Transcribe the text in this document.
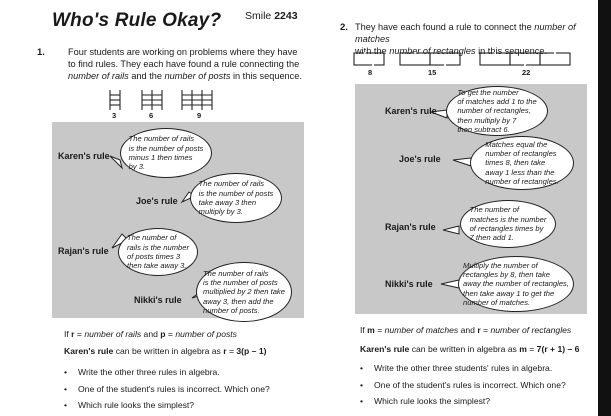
Who's Rule Okay? Smile 2243
1.	Four students are working on problems where they have
to find rules. They each have found a rule connecting the
number of rails and the number of posts in this sequence.
3	6	9
Karen's rule
The number of rails
is the number of posts
minus 1 then times
by 3.
Joe's rule
The number of rails
is the number of posts
take away 3 then
multiply by 3.
Rajan's rule
The number of
rails is the number
of posts times 3
then take away 3.
Nikki's rule
The number of rails
is the number of posts
multiplied by 2 then take
away 3, then add the
number of posts.
If r = number of rails and p = number of posts
Karen's rule can be written in algebra as r = 3(p – 1)
• Write the other three rules in algebra.
• One of the student's rules is incorrect. Which one?
• Which rule looks the simplest?
2. They have each found a rule to connect the number of matches
with the number of rectangles in this sequence.
8	15	22
Karen's rule
To get the number
of matches add 1 to the
number of rectangles,
then multiply by 7
then subtract 6.
Joe's rule
Matches equal the
number of rectangles
times 8, then take
away 1 less than the
number of rectangles.
Rajan's rule
The number of
matches is the number
of rectangles times by
7 then add 1.
Nikki's rule
Multiply the number of
rectangles by 8, then take
away the number of rectangles,
then take away 1 to get the
number of matches.
If m = number of matches and r = number of rectangles
Karen's rule can be written in algebra as m = 7(r + 1) – 6
• Write the other three students' rules in algebra.
• One of the student's rules is incorrect. Which one?
• Which rule looks the simplest?
